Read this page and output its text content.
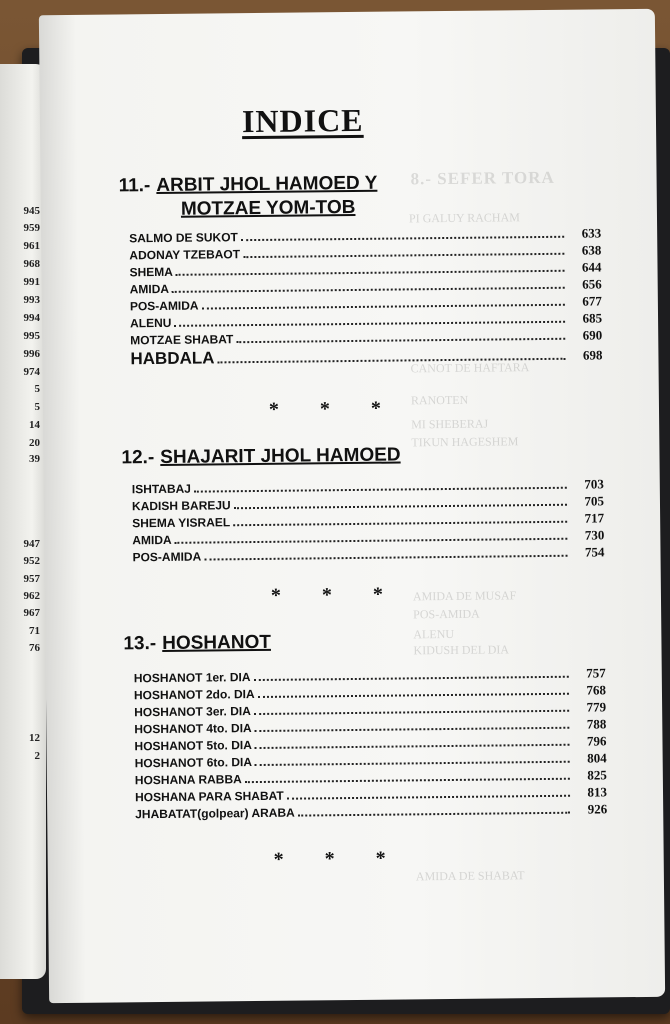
945
959
961
968
991
993
994
995
996
974
5
5
14
20
39
947
952
957
962
967
71
76
12
2
8.- SEFER TORA
PI GALUY RACHAM
CANOT DE HAFTARA
RANOTEN
MI SHEBERAJ
TIKUN HAGESHEM
AMIDA DE MUSAF
POS-AMIDA
ALENU
KIDUSH DEL DIA
AMIDA DE SHABAT
INDICE
11.- ARBIT JHOL HAMOED Y
MOTZAE YOM-TOB
SALMO DE SUKOT	633
ADONAY TZEBAOT	638
SHEMA	644
AMIDA	656
POS-AMIDA	677
ALENU	685
MOTZAE SHABAT	690
HABDALA	698
* * *
12.- SHAJARIT JHOL HAMOED
ISHTABAJ	703
KADISH BAREJU	705
SHEMA YISRAEL	717
AMIDA	730
POS-AMIDA	754
* * *
13.- HOSHANOT
HOSHANOT 1er. DIA	757
HOSHANOT 2do. DIA	768
HOSHANOT 3er. DIA	779
HOSHANOT 4to. DIA	788
HOSHANOT 5to. DIA	796
HOSHANOT 6to. DIA	804
HOSHANA RABBA	825
HOSHANA PARA SHABAT	813
JHABATAT(golpear) ARABA	926
* * *
